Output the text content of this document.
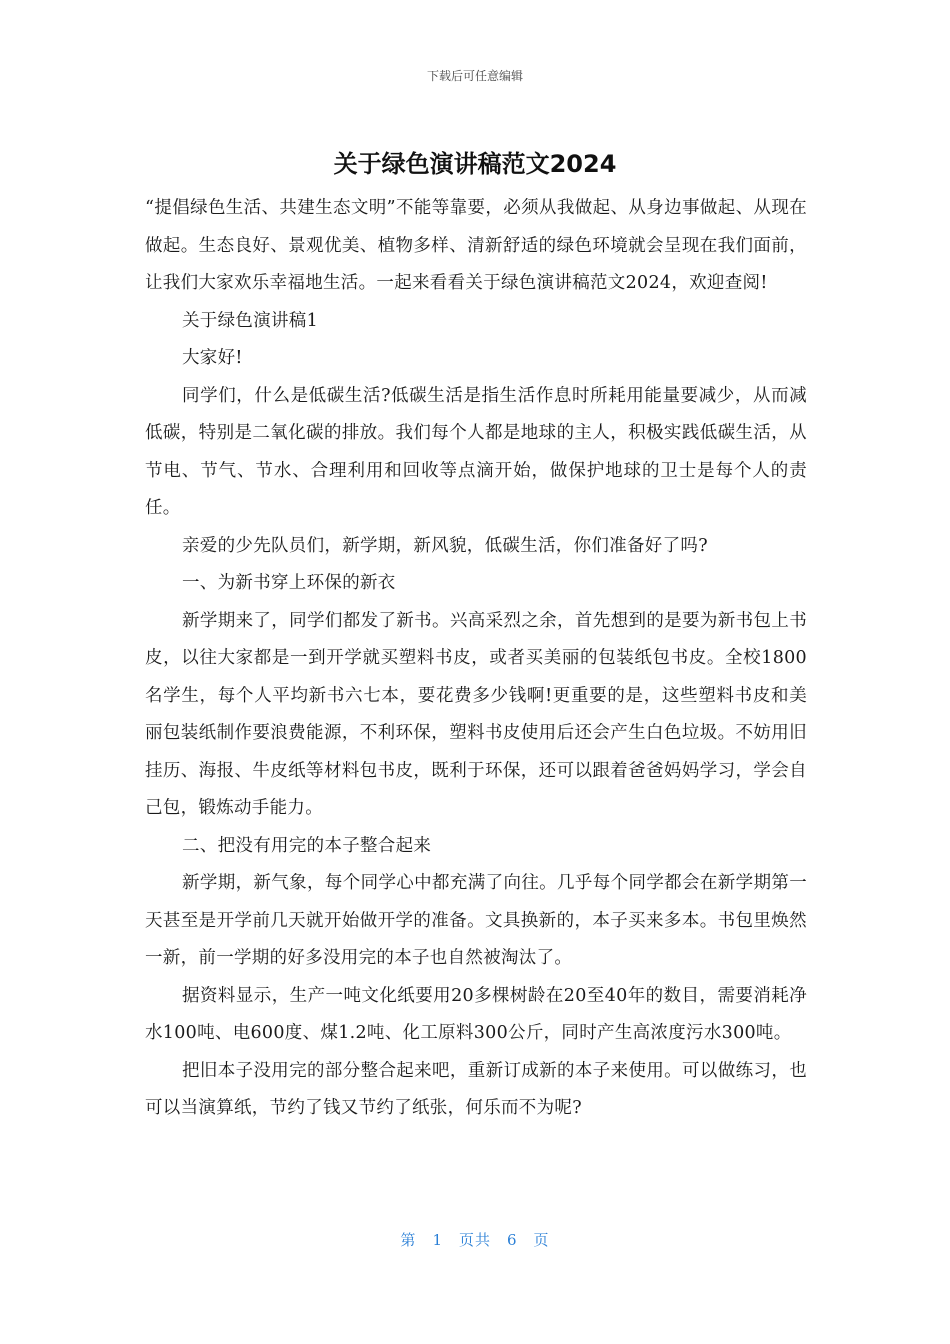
下载后可任意编辑
关于绿色演讲稿范文2024

“提倡绿色生活、共建生态文明”不能等靠要，必须从我做起、从身边事做起、从现在做起。生态良好、景观优美、植物多样、清新舒适的绿色环境就会呈现在我们面前，让我们大家欢乐幸福地生活。一起来看看关于绿色演讲稿范文2024，欢迎查阅!

关于绿色演讲稿1

大家好!

同学们，什么是低碳生活?低碳生活是指生活作息时所耗用能量要减少，从而减低碳，特别是二氧化碳的排放。我们每个人都是地球的主人，积极实践低碳生活，从节电、节气、节水、合理利用和回收等点滴开始，做保护地球的卫士是每个人的责任。

亲爱的少先队员们，新学期，新风貌，低碳生活，你们准备好了吗?

一、为新书穿上环保的新衣

新学期来了，同学们都发了新书。兴高采烈之余，首先想到的是要为新书包上书皮，以往大家都是一到开学就买塑料书皮，或者买美丽的包装纸包书皮。全校1800名学生，每个人平均新书六七本，要花费多少钱啊!更重要的是，这些塑料书皮和美丽包装纸制作要浪费能源，不利环保，塑料书皮使用后还会产生白色垃圾。不妨用旧挂历、海报、牛皮纸等材料包书皮，既利于环保，还可以跟着爸爸妈妈学习，学会自己包，锻炼动手能力。

二、把没有用完的本子整合起来

新学期，新气象，每个同学心中都充满了向往。几乎每个同学都会在新学期第一天甚至是开学前几天就开始做开学的准备。文具换新的，本子买来多本。书包里焕然一新，前一学期的好多没用完的本子也自然被淘汰了。

据资料显示，生产一吨文化纸要用20多棵树龄在20至40年的数目，需要消耗净水100吨、电600度、煤1.2吨、化工原料300公斤，同时产生高浓度污水300吨。

把旧本子没用完的部分整合起来吧，重新订成新的本子来使用。可以做练习，也可以当演算纸，节约了钱又节约了纸张，何乐而不为呢?

第 1 页共 6 页
